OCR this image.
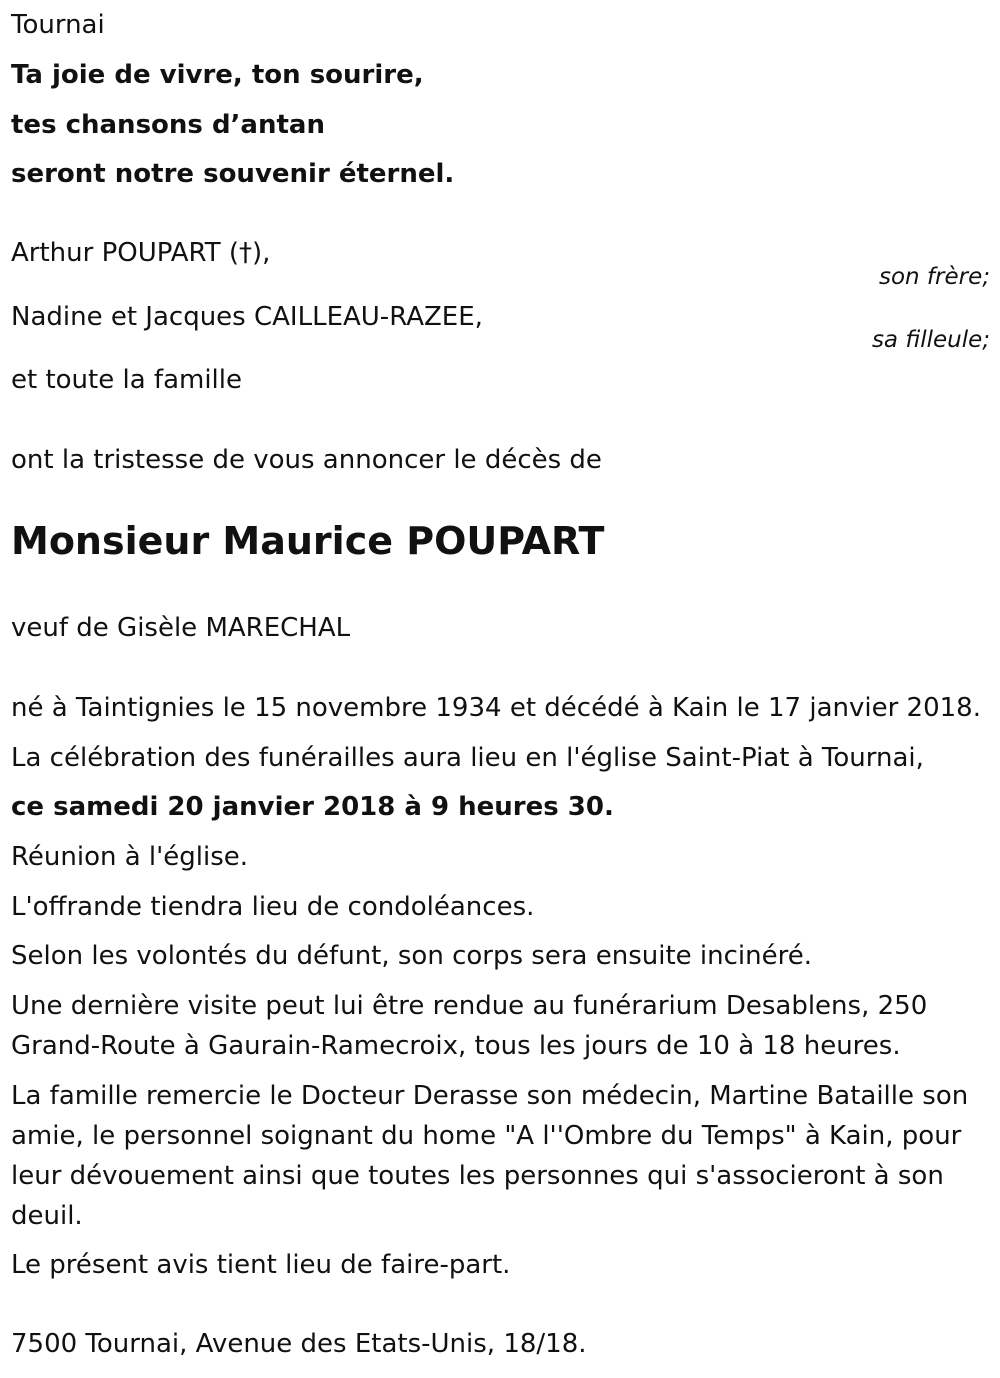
Tournai
Ta joie de vivre, ton sourire,
tes chansons d’antan
seront notre souvenir éternel.
Arthur POUPART (†),
son frère;
Nadine et Jacques CAILLEAU-RAZEE,
sa filleule;
et toute la famille
ont la tristesse de vous annoncer le décès de
Monsieur Maurice POUPART
veuf de Gisèle MARECHAL
né à Taintignies le 15 novembre 1934 et décédé à Kain le 17 janvier 2018.
La célébration des funérailles aura lieu en l'église Saint-Piat à Tournai,
ce samedi 20 janvier 2018 à 9 heures 30.
Réunion à l'église.
L'offrande tiendra lieu de condoléances.
Selon les volontés du défunt, son corps sera ensuite incinéré.
Une dernière visite peut lui être rendue au funérarium Desablens, 250 Grand-Route à Gaurain-Ramecroix, tous les jours de 10 à 18 heures.
La famille remercie le Docteur Derasse son médecin, Martine Bataille son amie, le personnel soignant du home "A l''Ombre du Temps" à Kain, pour leur dévouement ainsi que toutes les personnes qui s'associeront à son deuil.
Le présent avis tient lieu de faire-part.
7500 Tournai, Avenue des Etats-Unis, 18/18.
